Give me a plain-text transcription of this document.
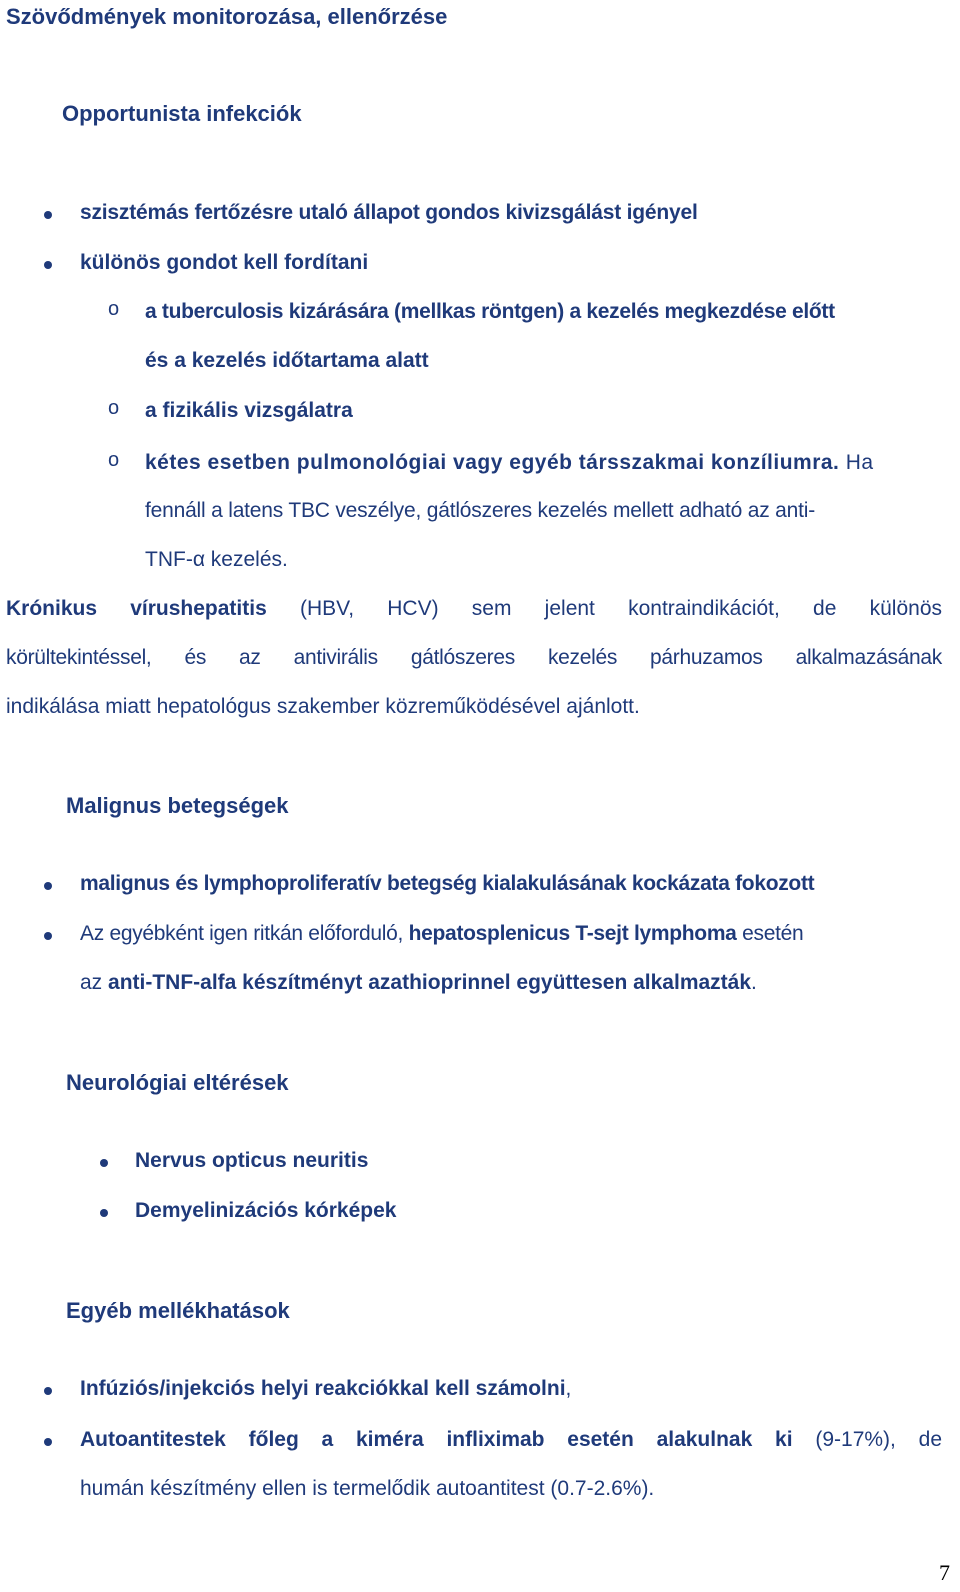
Szövődmények monitorozása, ellenőrzése
Opportunista infekciók
szisztémás fertőzésre utaló állapot gondos kivizsgálást igényel
különös gondot kell fordítani
o a tuberculosis kizárására (mellkas röntgen) a kezelés megkezdése előtt
és a kezelés időtartama alatt
o a fizikális vizsgálatra
o kétes esetben pulmonológiai vagy egyéb társszakmai konzíliumra. Ha
fennáll a latens TBC veszélye, gátlószeres kezelés mellett adható az anti-
TNF-α kezelés.
Krónikus vírushepatitis (HBV, HCV) sem jelent kontraindikációt, de különös
körültekintéssel, és az antivirális gátlószeres kezelés párhuzamos alkalmazásának
indikálása miatt hepatológus szakember közreműködésével ajánlott.
Malignus betegségek
malignus és lymphoproliferatív betegség kialakulásának kockázata fokozott
Az egyébként igen ritkán előforduló, hepatosplenicus T-sejt lymphoma esetén
az anti-TNF-alfa készítményt azathioprinnel együttesen alkalmazták.
Neurológiai eltérések
Nervus opticus neuritis
Demyelinizációs kórképek
Egyéb mellékhatások
Infúziós/injekciós helyi reakciókkal kell számolni,
Autoantitestek főleg a kiméra infliximab esetén alakulnak ki (9-17%), de
humán készítmény ellen is termelődik autoantitest (0.7-2.6%).
7
